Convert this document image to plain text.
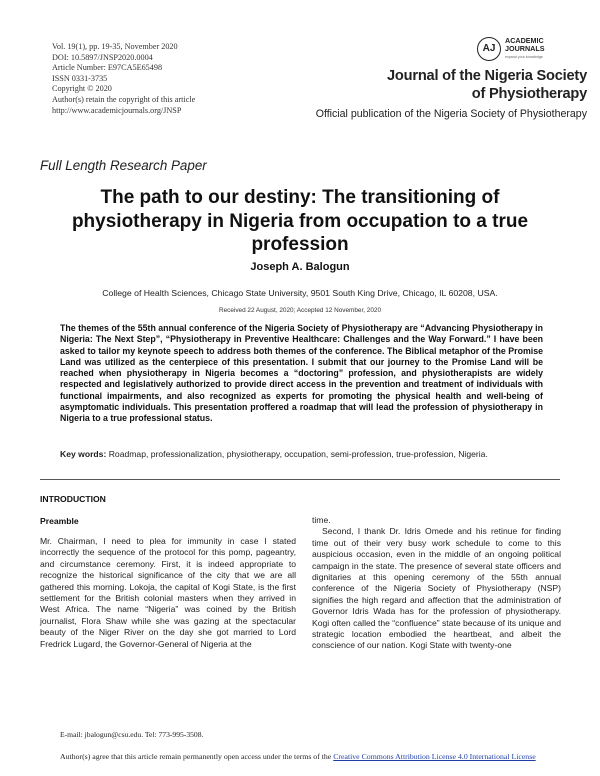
Vol. 19(1), pp. 19-35, November 2020
DOI: 10.5897/JNSP2020.0004
Article Number: E97CA5E65498
ISSN 0331-3735
Copyright © 2020
Author(s) retain the copyright of this article
http://www.academicjournals.org/JNSP
AJ
ACADEMIC
JOURNALS
expand your knowledge
Journal of the Nigeria Society
of Physiotherapy
Official publication of the Nigeria Society of Physiotherapy
Full Length Research Paper
The path to our destiny: The transitioning of physiotherapy in Nigeria from occupation to a true profession
Joseph A. Balogun
College of Health Sciences, Chicago State University, 9501 South King Drive, Chicago, IL 60208, USA.
Received 22 August, 2020; Accepted 12 November, 2020
The themes of the 55th annual conference of the Nigeria Society of Physiotherapy are “Advancing Physiotherapy in Nigeria: The Next Step”, “Physiotherapy in Preventive Healthcare: Challenges and the Way Forward.” I have been asked to tailor my keynote speech to address both themes of the conference. The Biblical metaphor of the Promise Land was utilized as the centerpiece of this presentation. I submit that our journey to the Promise Land will be reached when physiotherapy in Nigeria becomes a “doctoring” profession, and physiotherapists are widely respected and legislatively authorized to provide direct access in the prevention and treatment of individuals with functional impairments, and also recognized as experts for promoting the physical health and well-being of asymptomatic individuals. This presentation proffered a roadmap that will lead the profession of physiotherapy in Nigeria to a true professional status.
Key words: Roadmap, professionalization, physiotherapy, occupation, semi-profession, true-profession, Nigeria.
INTRODUCTION
Preamble

Mr. Chairman, I need to plea for immunity in case I stated incorrectly the sequence of the protocol for this pomp, pageantry, and circumstance ceremony. First, it is indeed appropriate to recognize the historical significance of the city that we are all gathered this morning. Lokoja, the capital of Kogi State, is the first settlement for the British colonial masters when they arrived in West Africa. The name “Nigeria” was coined by the British journalist, Flora Shaw while she was gazing at the spectacular beauty of the Niger River on the day she got married to Lord Fredrick Lugard, the Governor-General of Nigeria at the

time.

Second, I thank Dr. Idris Omede and his retinue for finding time out of their very busy work schedule to come to this auspicious occasion, even in the middle of an ongoing political campaign in the state. The presence of several state officers and dignitaries at this opening ceremony of the 55th annual conference of the Nigeria Society of Physiotherapy (NSP) signifies the high regard and affection that the administration of Governor Idris Wada has for the profession of physiotherapy. Kogi often called the “confluence” state because of its unique and strategic location embodied the heartbeat, and albeit the conscience of our nation. Kogi State with twenty-one

E-mail: jbalogun@csu.edu. Tel: 773-995-3508.
Author(s) agree that this article remain permanently open access under the terms of the Creative Commons Attribution License 4.0 International License
